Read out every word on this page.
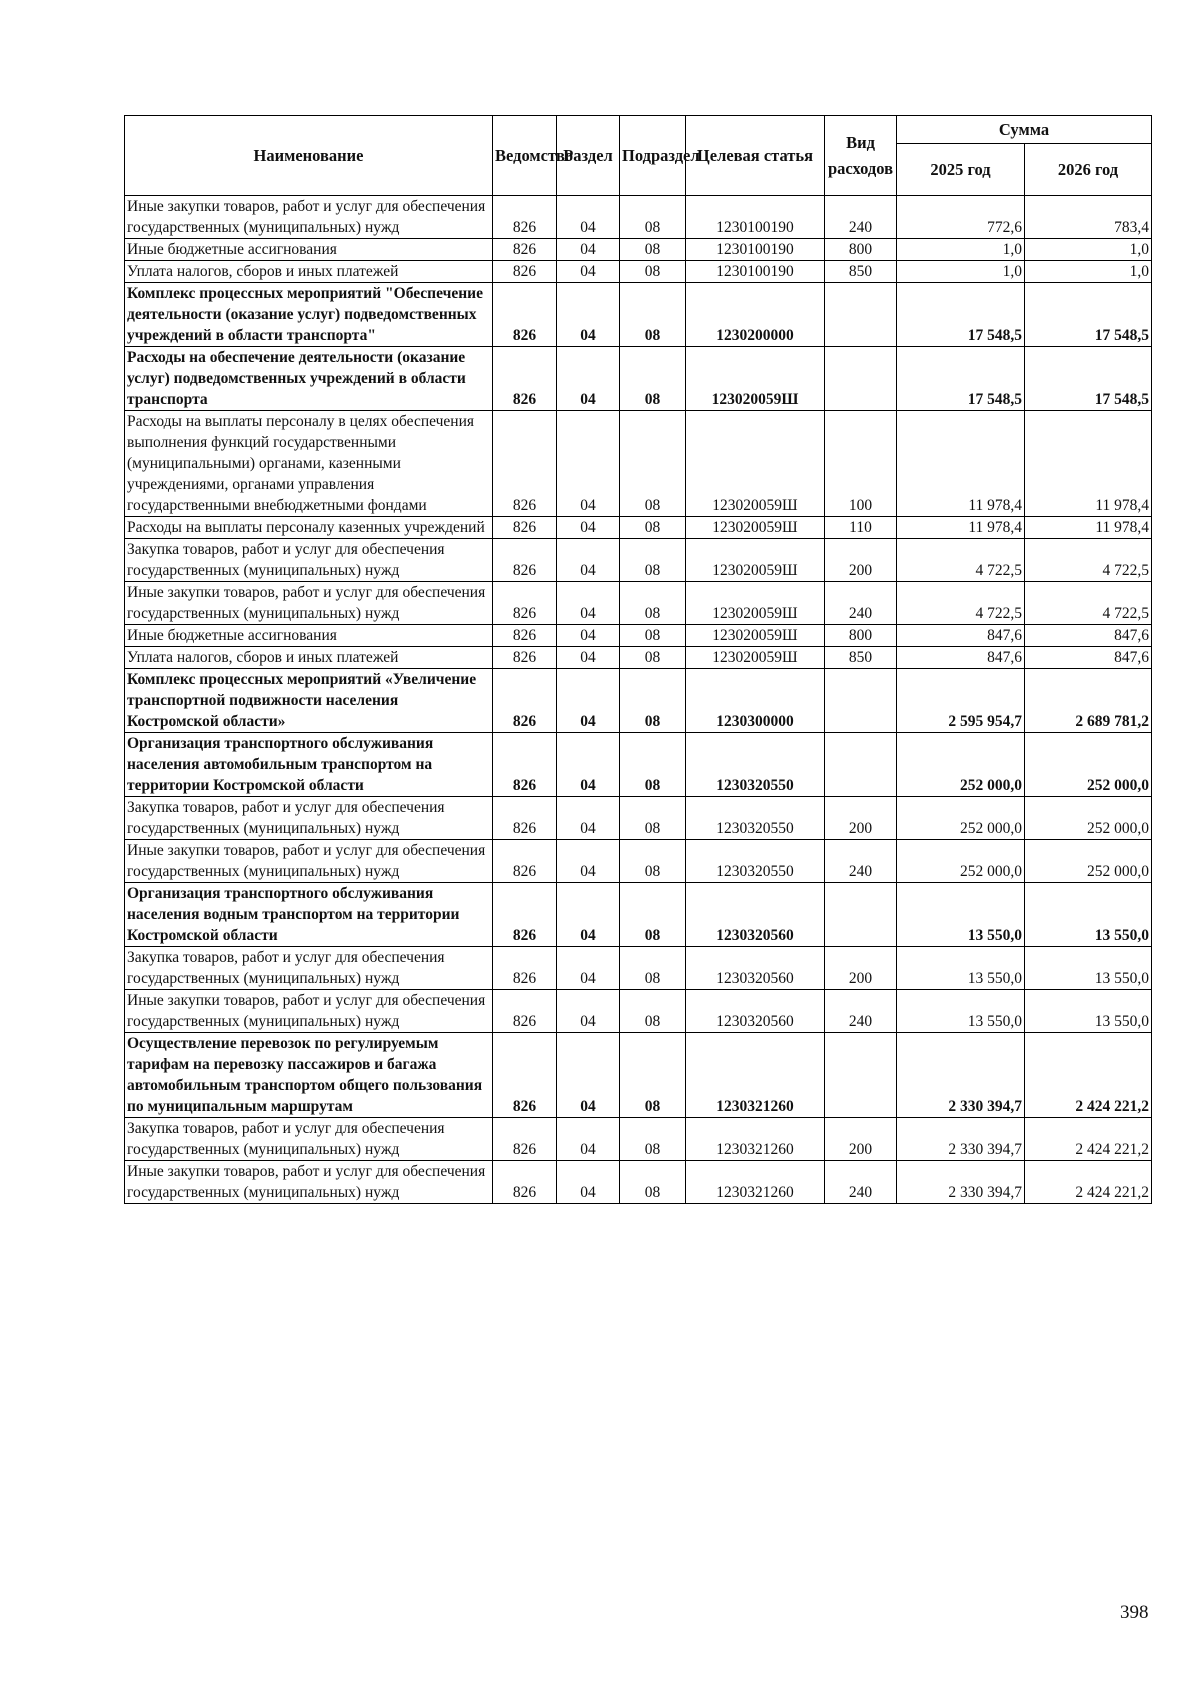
Наименование	Ведомство	Раздел	Подраздел	Целевая статья	Вид расходов	Сумма	
						2025 год	2026 год
Иные закупки товаров, работ и услуг для обеспечения государственных (муниципальных) нужд	826	04	08	1230100190	240	772,6	783,4
Иные бюджетные ассигнования	826	04	08	1230100190	800	1,0	1,0
Уплата налогов, сборов и иных платежей	826	04	08	1230100190	850	1,0	1,0
Комплекс процессных мероприятий "Обеспечение деятельности (оказание услуг) подведомственных учреждений в области транспорта"	826	04	08	1230200000		17 548,5	17 548,5
Расходы на обеспечение деятельности (оказание услуг) подведомственных учреждений в области транспорта	826	04	08	123020059Ш		17 548,5	17 548,5
Расходы на выплаты персоналу в целях обеспечения выполнения функций государственными (муниципальными) органами, казенными учреждениями, органами управления государственными внебюджетными фондами	826	04	08	123020059Ш	100	11 978,4	11 978,4
Расходы на выплаты персоналу казенных учреждений	826	04	08	123020059Ш	110	11 978,4	11 978,4
Закупка товаров, работ и услуг для обеспечения государственных (муниципальных) нужд	826	04	08	123020059Ш	200	4 722,5	4 722,5
Иные закупки товаров, работ и услуг для обеспечения государственных (муниципальных) нужд	826	04	08	123020059Ш	240	4 722,5	4 722,5
Иные бюджетные ассигнования	826	04	08	123020059Ш	800	847,6	847,6
Уплата налогов, сборов и иных платежей	826	04	08	123020059Ш	850	847,6	847,6
Комплекс процессных мероприятий «Увеличение транспортной подвижности населения Костромской области»	826	04	08	1230300000		2 595 954,7	2 689 781,2
Организация транспортного обслуживания населения автомобильным транспортом на территории Костромской области	826	04	08	1230320550		252 000,0	252 000,0
Закупка товаров, работ и услуг для обеспечения государственных (муниципальных) нужд	826	04	08	1230320550	200	252 000,0	252 000,0
Иные закупки товаров, работ и услуг для обеспечения государственных (муниципальных) нужд	826	04	08	1230320550	240	252 000,0	252 000,0
Организация транспортного обслуживания населения водным транспортом на территории Костромской области	826	04	08	1230320560		13 550,0	13 550,0
Закупка товаров, работ и услуг для обеспечения государственных (муниципальных) нужд	826	04	08	1230320560	200	13 550,0	13 550,0
Иные закупки товаров, работ и услуг для обеспечения государственных (муниципальных) нужд	826	04	08	1230320560	240	13 550,0	13 550,0
Осуществление перевозок по регулируемым тарифам на перевозку пассажиров и багажа автомобильным транспортом общего пользования по муниципальным маршрутам	826	04	08	1230321260		2 330 394,7	2 424 221,2
Закупка товаров, работ и услуг для обеспечения государственных (муниципальных) нужд	826	04	08	1230321260	200	2 330 394,7	2 424 221,2
Иные закупки товаров, работ и услуг для обеспечения государственных (муниципальных) нужд	826	04	08	1230321260	240	2 330 394,7	2 424 221,2
398
